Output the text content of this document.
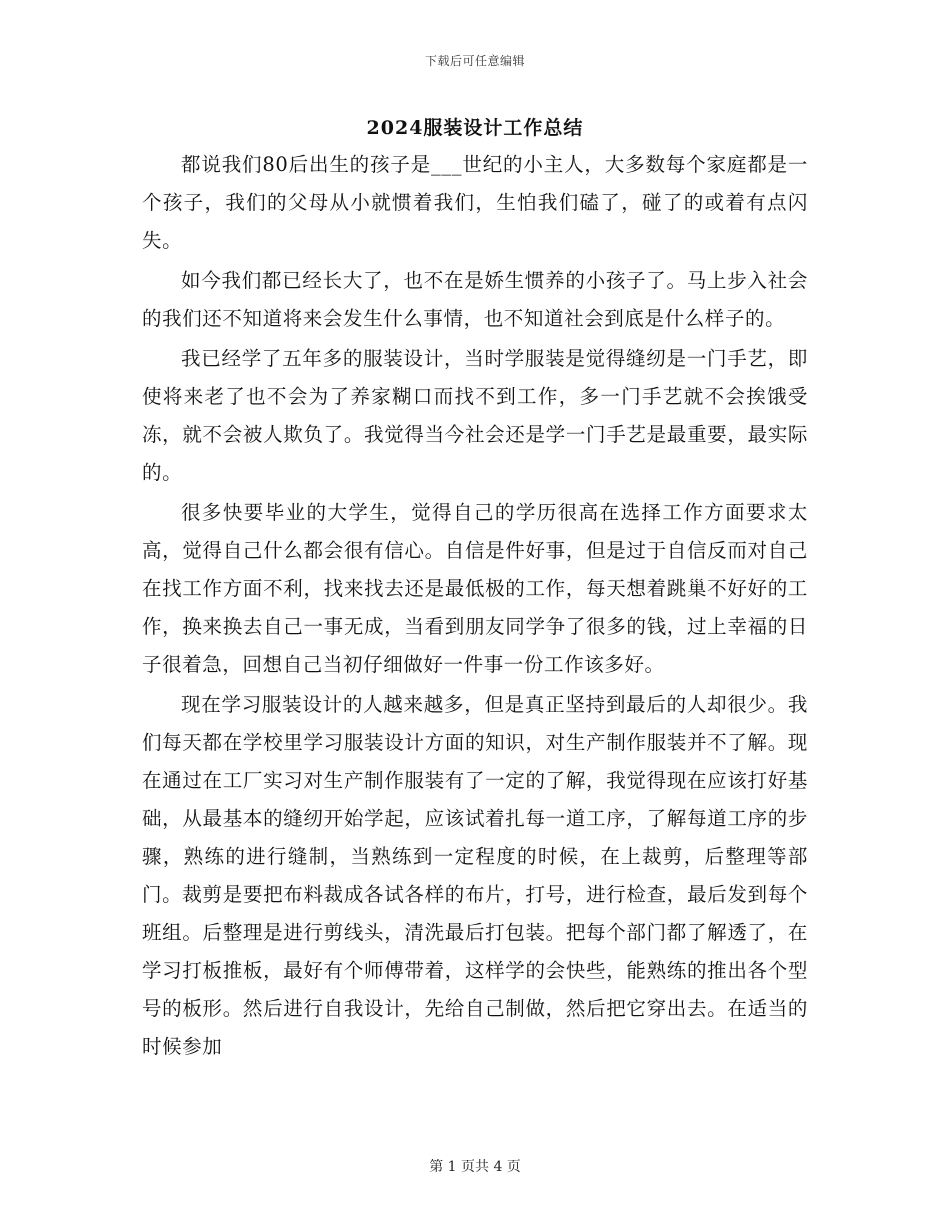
下载后可任意编辑
2024服装设计工作总结

都说我们80后出生的孩子是___世纪的小主人，大多数每个家庭都是一个孩子，我们的父母从小就惯着我们，生怕我们磕了，碰了的或着有点闪失。

如今我们都已经长大了，也不在是娇生惯养的小孩子了。马上步入社会的我们还不知道将来会发生什么事情，也不知道社会到底是什么样子的。

我已经学了五年多的服装设计，当时学服装是觉得缝纫是一门手艺，即使将来老了也不会为了养家糊口而找不到工作，多一门手艺就不会挨饿受冻，就不会被人欺负了。我觉得当今社会还是学一门手艺是最重要，最实际的。

很多快要毕业的大学生，觉得自己的学历很高在选择工作方面要求太高，觉得自己什么都会很有信心。自信是件好事，但是过于自信反而对自己在找工作方面不利，找来找去还是最低极的工作，每天想着跳巢不好好的工作，换来换去自己一事无成，当看到朋友同学争了很多的钱，过上幸福的日子很着急，回想自己当初仔细做好一件事一份工作该多好。

现在学习服装设计的人越来越多，但是真正坚持到最后的人却很少。我们每天都在学校里学习服装设计方面的知识，对生产制作服装并不了解。现在通过在工厂实习对生产制作服装有了一定的了解，我觉得现在应该打好基础，从最基本的缝纫开始学起，应该试着扎每一道工序，了解每道工序的步骤，熟练的进行缝制，当熟练到一定程度的时候，在上裁剪，后整理等部门。裁剪是要把布料裁成各试各样的布片，打号，进行检查，最后发到每个班组。后整理是进行剪线头，清洗最后打包装。把每个部门都了解透了，在学习打板推板，最好有个师傅带着，这样学的会快些，能熟练的推出各个型号的板形。然后进行自我设计，先给自己制做，然后把它穿出去。在适当的时候参加

第 1 页共 4 页
